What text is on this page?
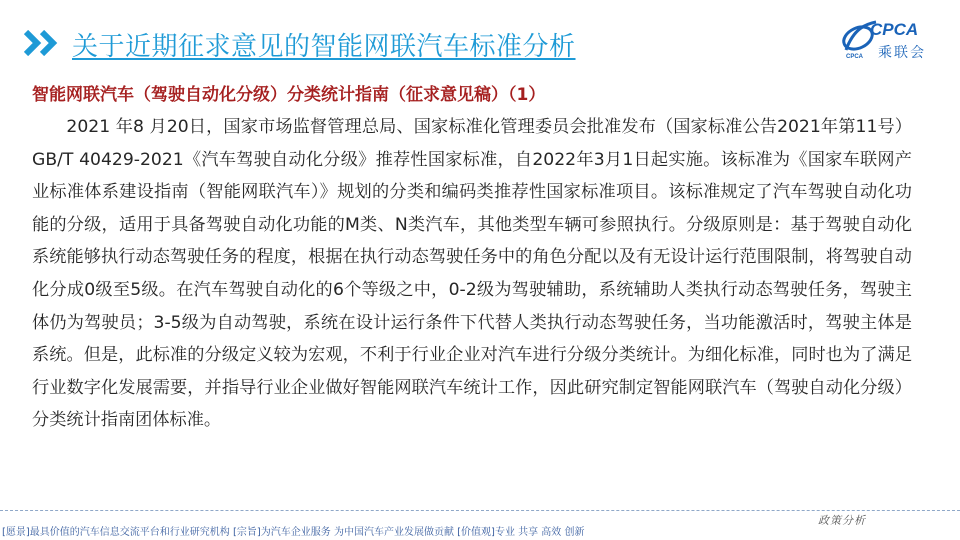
关于近期征求意见的智能网联汽车标准分析
CPCA
乘联会
CPCA
智能网联汽车（驾驶自动化分级）分类统计指南（征求意见稿）（1）

2021 年8 月20日，国家市场监督管理总局、国家标准化管理委员会批准发布（国家标准公告2021年第11号）GB/T 40429-2021《汽车驾驶自动化分级》推荐性国家标准，自2022年3月1日起实施。该标准为《国家车联网产业标准体系建设指南（智能网联汽车）》规划的分类和编码类推荐性国家标准项目。该标准规定了汽车驾驶自动化功能的分级，适用于具备驾驶自动化功能的M类、N类汽车，其他类型车辆可参照执行。分级原则是：基于驾驶自动化系统能够执行动态驾驶任务的程度，根据在执行动态驾驶任务中的角色分配以及有无设计运行范围限制，将驾驶自动化分成0级至5级。在汽车驾驶自动化的6个等级之中，0-2级为驾驶辅助，系统辅助人类执行动态驾驶任务，驾驶主体仍为驾驶员；3-5级为自动驾驶，系统在设计运行条件下代替人类执行动态驾驶任务，当功能激活时，驾驶主体是系统。但是，此标准的分级定义较为宏观，不利于行业企业对汽车进行分级分类统计。为细化标准，同时也为了满足行业数字化发展需要，并指导行业企业做好智能网联汽车统计工作，因此研究制定智能网联汽车（驾驶自动化分级）分类统计指南团体标准。

[愿景]最具价值的汽车信息交流平台和行业研究机构 [宗旨]为汽车企业服务 为中国汽车产业发展做贡献 [价值观]专业 共享 高效 创新
政策分析
